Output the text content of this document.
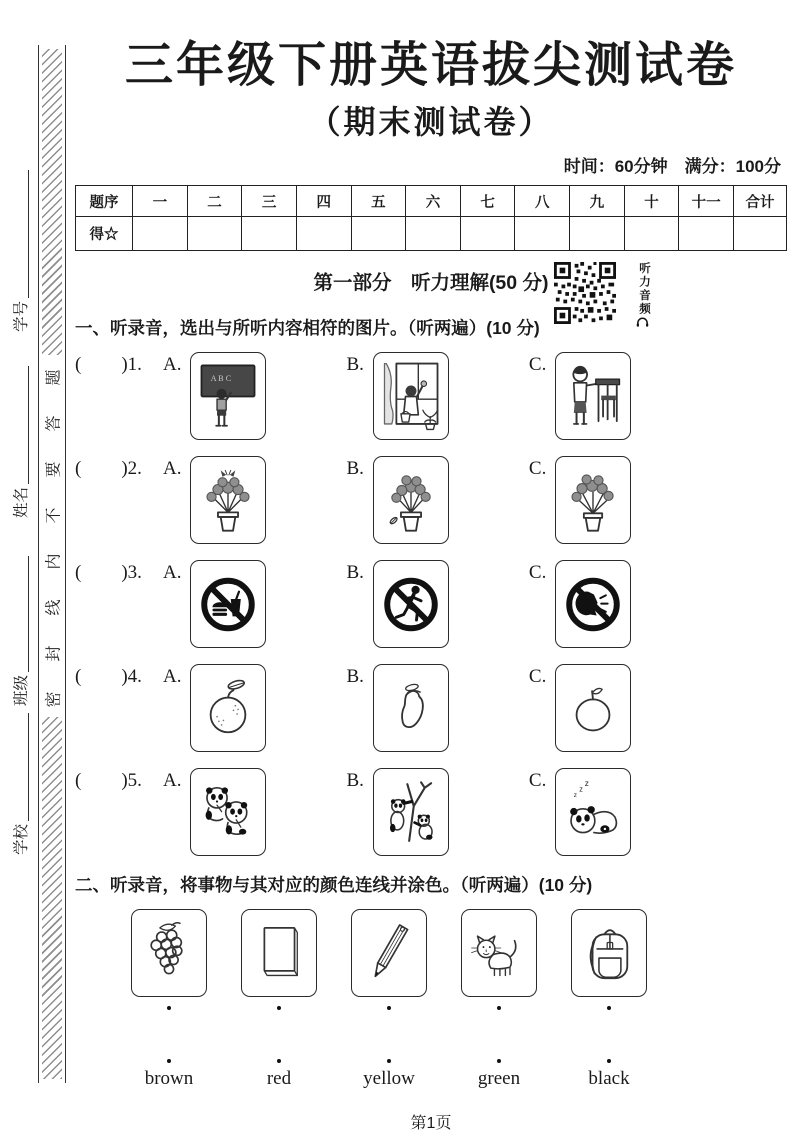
题
答
要
不
内
线
封
密
学号
姓名
班级
学校
三年级下册英语拔尖测试卷
（期末测试卷）
时间：60分钟　满分：100分
题序	一	二	三	四	五	六	七	八	九	十	十一	合计
得☆												
第一部分　听力理解(50 分)	听力音频
一、听录音，选出与所听内容相符的图片。（听两遍）(10 分)
( )1.	A.
A B C
B.	C.
( )2.	A.	B.	C.
( )3.	A.	B.	C.
( )4.	A.	B.	C.
( )5.	A.	B.	C.	z
z
z
二、听录音，将事物与其对应的颜色连线并涂色。（听两遍）(10 分)
brown	red	yellow	green	black
第1页
